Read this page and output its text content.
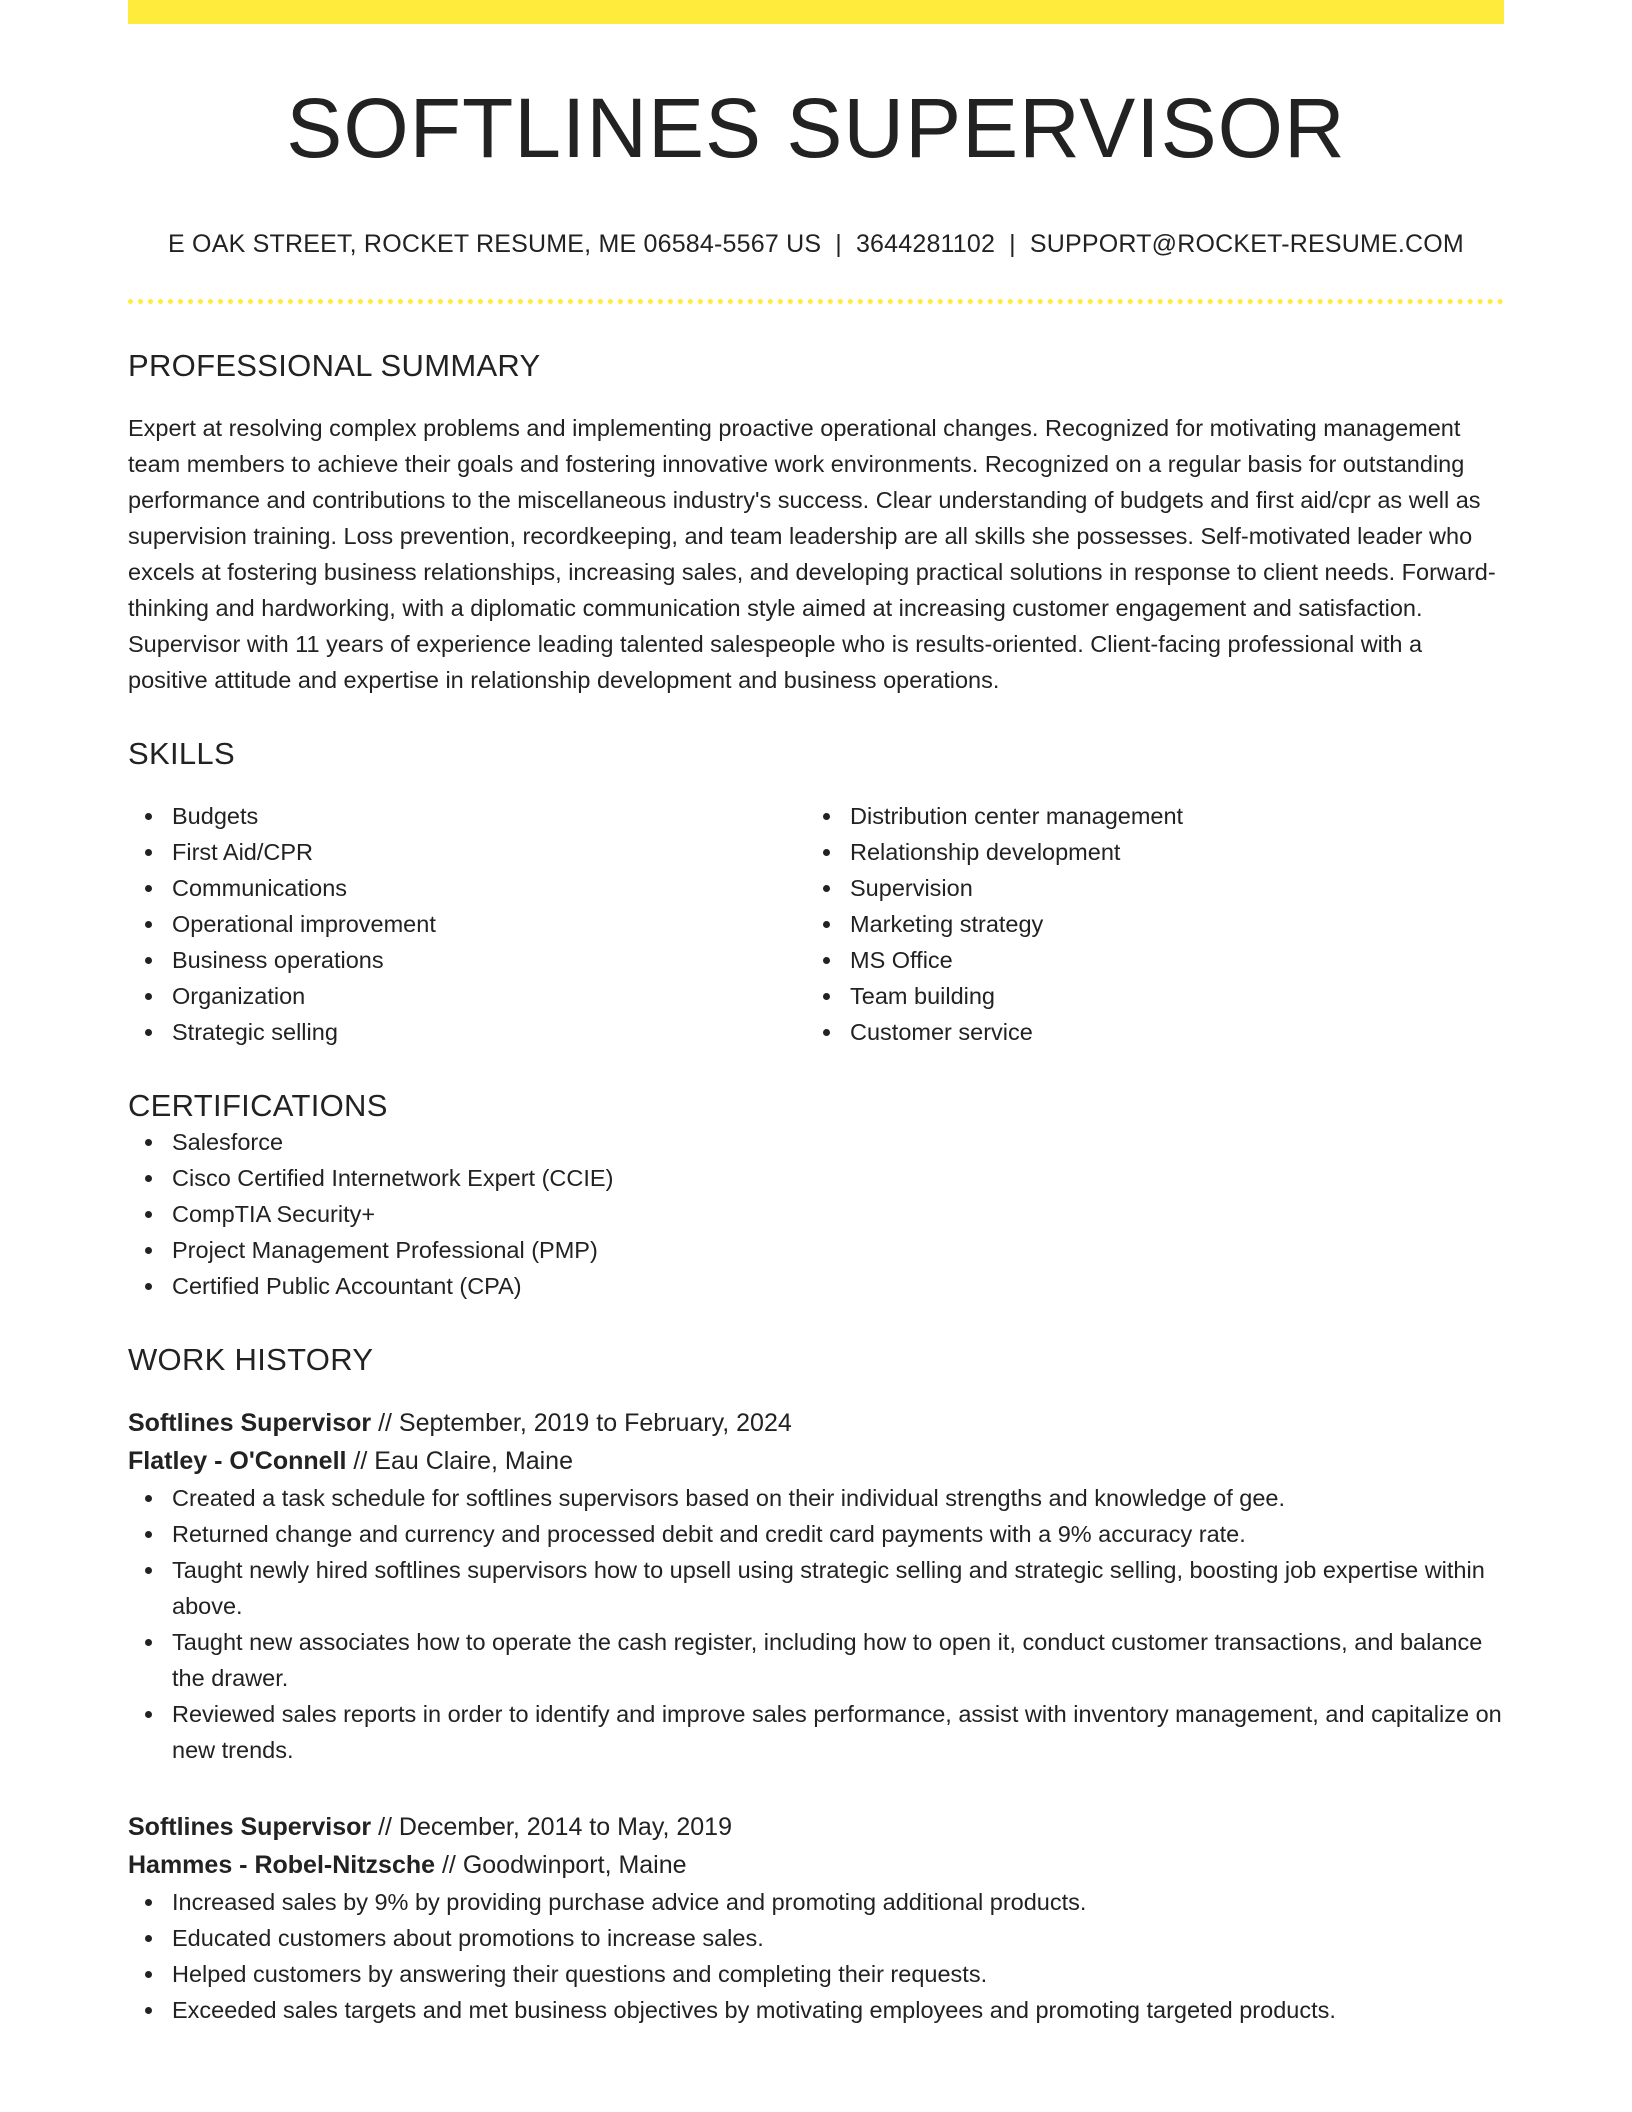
SOFTLINES SUPERVISOR
E OAK STREET, ROCKET RESUME, ME 06584-5567 US | 3644281102 | SUPPORT@ROCKET-RESUME.COM
PROFESSIONAL SUMMARY
Expert at resolving complex problems and implementing proactive operational changes. Recognized for motivating management team members to achieve their goals and fostering innovative work environments. Recognized on a regular basis for outstanding performance and contributions to the miscellaneous industry's success. Clear understanding of budgets and first aid/cpr as well as supervision training. Loss prevention, recordkeeping, and team leadership are all skills she possesses. Self-motivated leader who excels at fostering business relationships, increasing sales, and developing practical solutions in response to client needs. Forward-thinking and hardworking, with a diplomatic communication style aimed at increasing customer engagement and satisfaction. Supervisor with 11 years of experience leading talented salespeople who is results-oriented. Client-facing professional with a positive attitude and expertise in relationship development and business operations.
SKILLS
Budgets
First Aid/CPR
Communications
Operational improvement
Business operations
Organization
Strategic selling
Distribution center management
Relationship development
Supervision
Marketing strategy
MS Office
Team building
Customer service
CERTIFICATIONS
Salesforce
Cisco Certified Internetwork Expert (CCIE)
CompTIA Security+
Project Management Professional (PMP)
Certified Public Accountant (CPA)
WORK HISTORY
Softlines Supervisor // September, 2019 to February, 2024
Flatley - O'Connell // Eau Claire, Maine
Created a task schedule for softlines supervisors based on their individual strengths and knowledge of gee.
Returned change and currency and processed debit and credit card payments with a 9% accuracy rate.
Taught newly hired softlines supervisors how to upsell using strategic selling and strategic selling, boosting job expertise within above.
Taught new associates how to operate the cash register, including how to open it, conduct customer transactions, and balance the drawer.
Reviewed sales reports in order to identify and improve sales performance, assist with inventory management, and capitalize on new trends.
Softlines Supervisor // December, 2014 to May, 2019
Hammes - Robel-Nitzsche // Goodwinport, Maine
Increased sales by 9% by providing purchase advice and promoting additional products.
Educated customers about promotions to increase sales.
Helped customers by answering their questions and completing their requests.
Exceeded sales targets and met business objectives by motivating employees and promoting targeted products.
